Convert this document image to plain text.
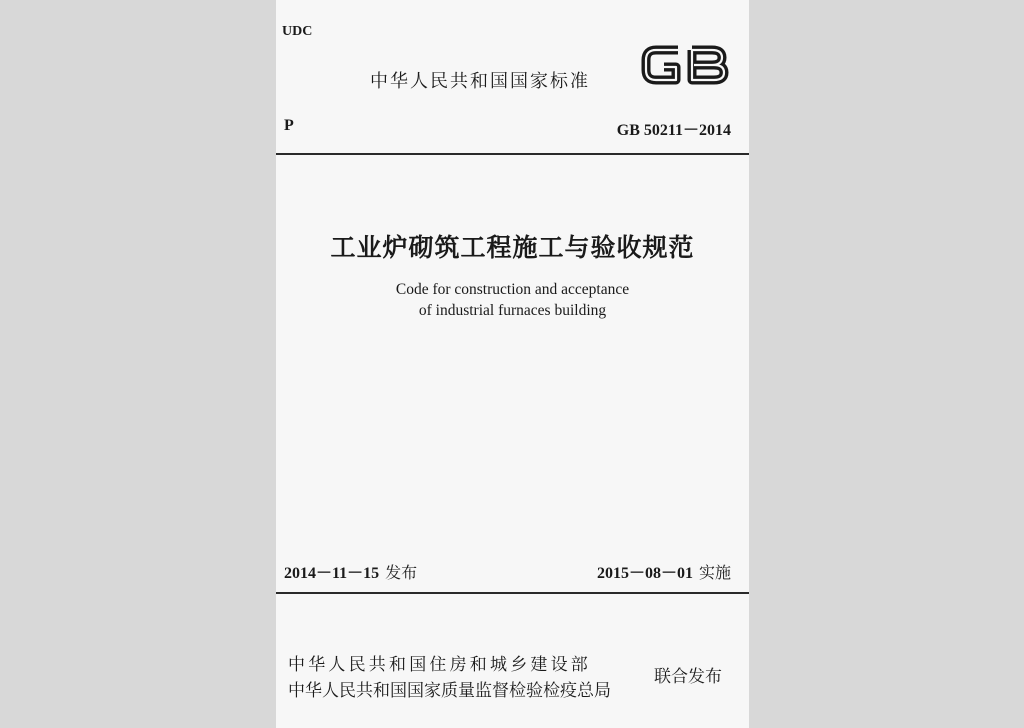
UDC
中华人民共和国国家标准
P	GB 50211－2014
工业炉砌筑工程施工与验收规范
Code for construction and acceptance
of industrial furnaces building
2014－11－15 发布	2015－08－01 实施
中华人民共和国住房和城乡建设部
中华人民共和国国家质量监督检验检疫总局
联合发布
